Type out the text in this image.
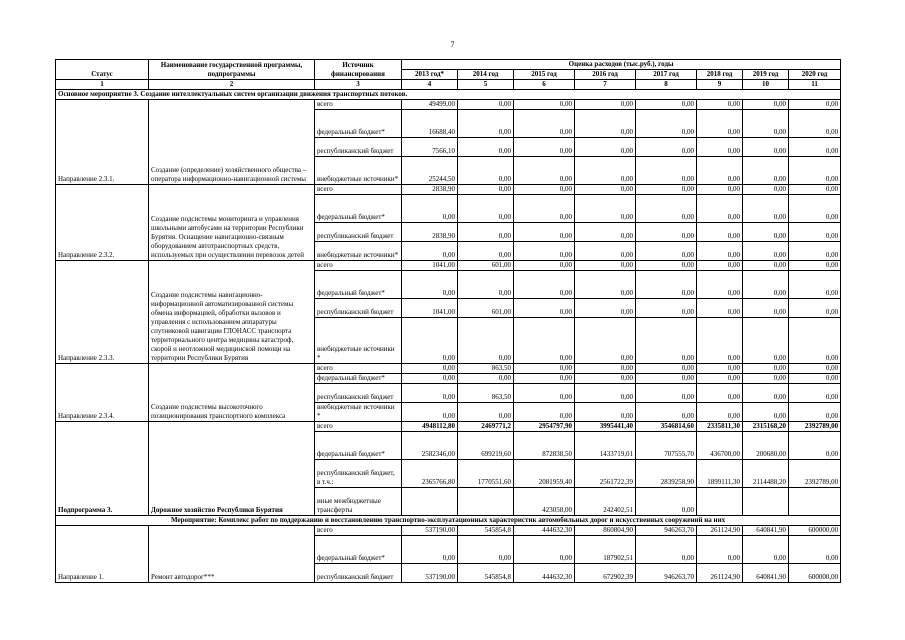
7
Статус	Наименование государственной программы, подпрограммы	Источник финансирования	Оценка расходов (тыс.руб.), годы							
			2013 год*	2014 год	2015 год	2016 год	2017 год	2018 год	2019 год	2020 год
1	2	3	4	5	6	7	8	9	10	11
Основное мероприятие 3. Создание интеллектуальных систем организации движения транспортных потоков.										
Направление 2.3.1.	Создание (определение) хозяйственного общества – оператора информационно-навигационной системы	всего	49499,00	0,00	0,00	0,00	0,00	0,00	0,00	0,00
		федеральный бюджет*	16688,40	0,00	0,00	0,00	0,00	0,00	0,00	0,00
		республиканский бюджет	7566,10	0,00	0,00	0,00	0,00	0,00	0,00	0,00
		внебюджетные источники*	25244,50	0,00	0,00	0,00	0,00	0,00	0,00	0,00
Направление 2.3.2.	Создание подсистемы мониторинга и управления школьными автобусами на территории Республики Бурятия. Оснащение навигационно-связным оборудованием автотранспортных средств, используемых при осуществлении перевозок детей	всего	2838,90	0,00	0,00	0,00	0,00	0,00	0,00	0,00
		федеральный бюджет*	0,00	0,00	0,00	0,00	0,00	0,00	0,00	0,00
		республиканский бюджет	2838,90	0,00	0,00	0,00	0,00	0,00	0,00	0,00
		внебюджетные источники*	0,00	0,00	0,00	0,00	0,00	0,00	0,00	0,00
Направление 2.3.3.	Создание подсистемы навигационно-информационной автоматизированной системы обмена информацией, обработки вызовов и управления с использованием аппаратуры спутниковой навигации ГЛОНАСС транспорта территориального центра медицины катастроф, скорой и неотложной медицинской помощи на территории Республики Бурятия	всего	1041,00	601,00	0,00	0,00	0,00	0,00	0,00	0,00
		федеральный бюджет*	0,00	0,00	0,00	0,00	0,00	0,00	0,00	0,00
		республиканский бюджет	1041,00	601,00	0,00	0,00	0,00	0,00	0,00	0,00
		внебюджетные источники *	0,00	0,00	0,00	0,00	0,00	0,00	0,00	0,00
Направление 2.3.4.	Создание подсистемы высокоточного позиционирования транспортного комплекса	всего	0,00	863,50	0,00	0,00	0,00	0,00	0,00	0,00
		федеральный бюджет*	0,00	0,00	0,00	0,00	0,00	0,00	0,00	0,00
		республиканский бюджет	0,00	863,50	0,00	0,00	0,00	0,00	0,00	0,00
		внебюджетные источники *	0,00	0,00	0,00	0,00	0,00	0,00	0,00	0,00
Подпрограмма 3.	Дорожное хозяйство Республики Бурятия	всего	4948112,80	2469771,2	2954797,90	3995441,40	3546814,60	2335811,30	2315168,20	2392789,00
		федеральный бюджет*	2582346,00	699219,60	872838,50	1433719,01	707555,70	436700,00	200680,00	0,00
		республиканский бюджет, в т.ч.:	2365766,80	1770551,60	2081959,40	2561722,39	2839258,90	1899111,30	2114488,20	2392789,00
		иные межбюджетные трансферты			423058,00	242402,51	0,00			
Мероприятие: Комплекс работ по поддержанию и восстановлению транспортно-эксплуатационных характеристик автомобильных дорог и искусственных сооружений на них										
Направление 1.	Ремонт автодорог***	всего	537190,00	545854,8	444632,30	860804,90	946263,70	261124,90	640841,90	600000,00
		федеральный бюджет*	0,00	0,00	0,00	187902,51	0,00	0,00	0,00	0,00
		республиканский бюджет	537190,00	545854,8	444632,30	672902,39	946263,70	261124,90	640841,90	600000,00
